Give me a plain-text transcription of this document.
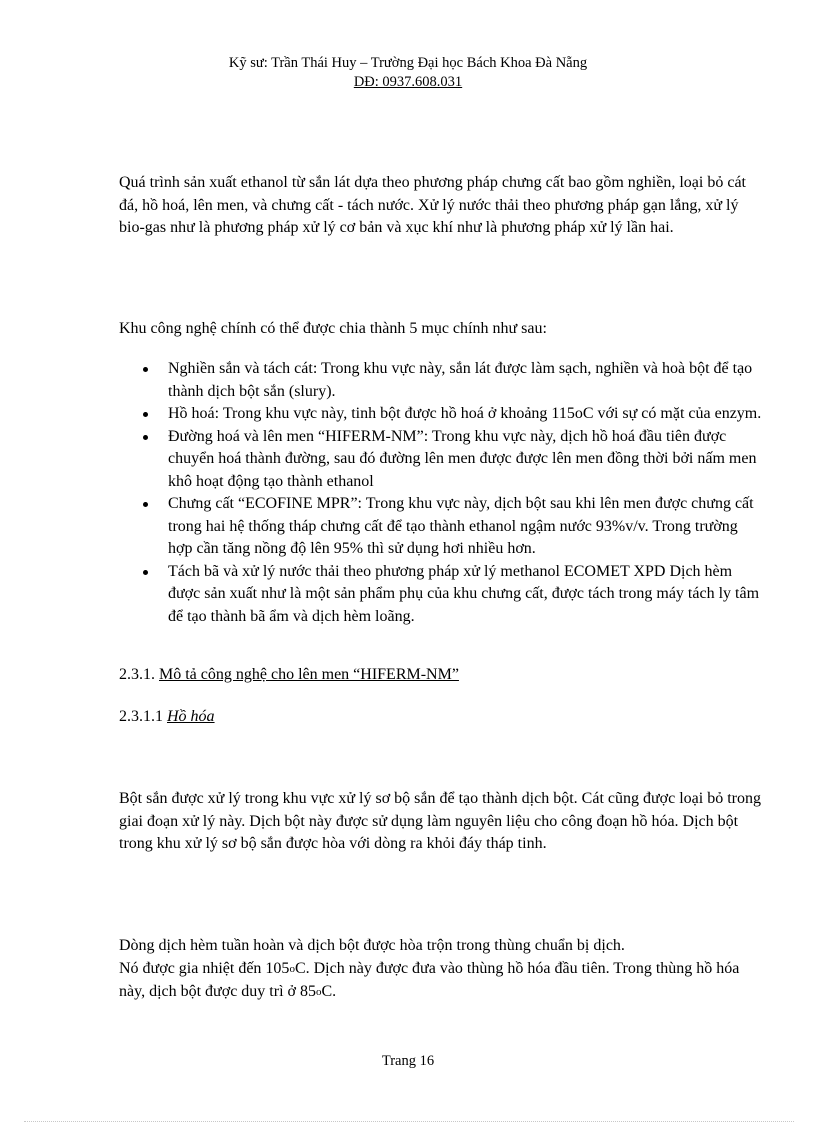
Kỹ sư: Trần Thái Huy – Trường Đại học Bách Khoa Đà Nẵng
DĐ: 0937.608.031

Quá trình sản xuất ethanol từ sắn lát dựa theo phương pháp chưng cất bao gồm nghiền, loại bỏ cát đá, hồ hoá, lên men, và chưng cất - tách nước. Xử lý nước thải theo phương pháp gạn lắng, xử lý bio-gas như là phương pháp xử lý cơ bản và xục khí như là phương pháp xử lý lần hai.

Khu công nghệ chính có thể được chia thành 5 mục chính như sau:

Nghiền sắn và tách cát: Trong khu vực này, sắn lát được làm sạch, nghiền và hoà bột để tạo thành dịch bột sắn (slury).
Hồ hoá: Trong khu vực này, tinh bột được hồ hoá ở khoảng 115oC với sự có mặt của enzym.
Đường hoá và lên men “HIFERM-NM”: Trong khu vực này, dịch hồ hoá đầu tiên được chuyển hoá thành đường, sau đó đường lên men được được lên men đồng thời bởi nấm men khô hoạt động tạo thành ethanol
Chưng cất “ECOFINE MPR”: Trong khu vực này, dịch bột sau khi lên men được chưng cất trong hai hệ thống tháp chưng cất để tạo thành ethanol ngậm nước 93%v/v. Trong trường hợp cần tăng nồng độ lên 95% thì sử dụng hơi nhiều hơn.
Tách bã và xử lý nước thải theo phương pháp xử lý methanol ECOMET XPD Dịch hèm được sản xuất như là một sản phẩm phụ của khu chưng cất, được tách trong máy tách ly tâm để tạo thành bã ẩm và dịch hèm loãng.
2.3.1. Mô tả công nghệ cho lên men “HIFERM-NM”
2.3.1.1 Hồ hóa

Bột sắn được xử lý trong khu vực xử lý sơ bộ sắn để tạo thành dịch bột. Cát cũng được loại bỏ trong giai đoạn xử lý này. Dịch bột này được sử dụng làm nguyên liệu cho công đoạn hồ hóa. Dịch bột trong khu xử lý sơ bộ sắn được hòa với dòng ra khỏi đáy tháp tinh.

Dòng dịch hèm tuần hoàn và dịch bột được hòa trộn trong thùng chuẩn bị dịch.
Nó được gia nhiệt đến $105_oC$. Dịch này được đưa vào thùng hồ hóa đầu tiên. Trong thùng hồ hóa này, dịch bột được duy trì ở $85_oC$.
Trang 16
